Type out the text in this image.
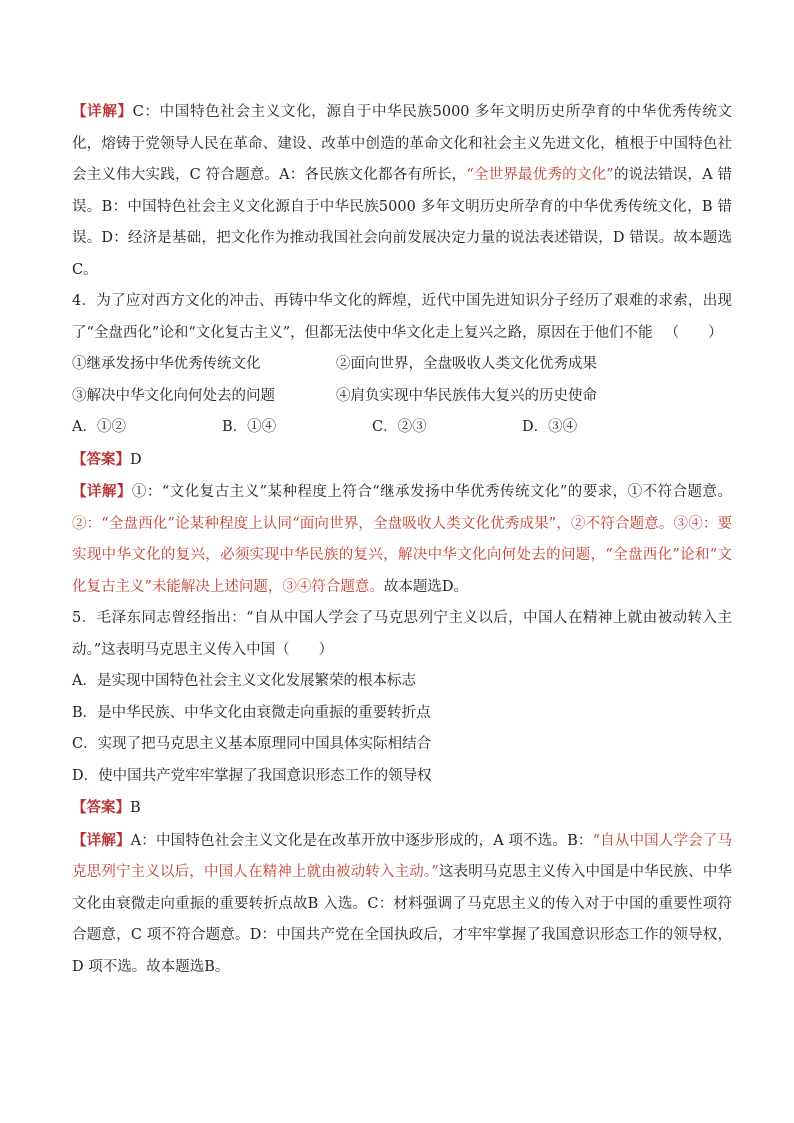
【详解】C：中国特色社会主义文化，源自于中华民族5000 多年文明历史所孕育的中华优秀传统文化，熔铸于党领导人民在革命、建设、改革中创造的革命文化和社会主义先进文化，植根于中国特色社会主义伟大实践，C 符合题意。A：各民族文化都各有所长，“全世界最优秀的文化”的说法错误，A 错误。B：中国特色社会主义文化源自于中华民族5000 多年文明历史所孕育的中华优秀传统文化，B 错误。D：经济是基础，把文化作为推动我国社会向前发展决定力量的说法表述错误，D 错误。故本题选C。

4．为了应对西方文化的冲击、再铸中华文化的辉煌，近代中国先进知识分子经历了艰难的求索，出现了“全盘西化”论和“文化复古主义”，但都无法使中华文化走上复兴之路，原因在于他们不能 （　　）

①继承发扬中华优秀传统文化	②面向世界，全盘吸收人类文化优秀成果
③解决中华文化向何处去的问题	④肩负实现中华民族伟大复兴的历史使命
A．①②	B．①④	C．②③	D．③④

【答案】D

【详解】①：“文化复古主义”某种程度上符合“继承发扬中华优秀传统文化”的要求，①不符合题意。②：“全盘西化”论某种程度上认同“面向世界，全盘吸收人类文化优秀成果”，②不符合题意。③④：要实现中华文化的复兴，必须实现中华民族的复兴，解决中华文化向何处去的问题，“全盘西化”论和“文化复古主义”未能解决上述问题，③④符合题意。故本题选D。

5．毛泽东同志曾经指出：“自从中国人学会了马克思列宁主义以后，中国人在精神上就由被动转入主动。”这表明马克思主义传入中国（　　）

A．是实现中国特色社会主义文化发展繁荣的根本标志

B．是中华民族、中华文化由衰微走向重振的重要转折点

C．实现了把马克思主义基本原理同中国具体实际相结合

D．使中国共产党牢牢掌握了我国意识形态工作的领导权

【答案】B

【详解】A：中国特色社会主义文化是在改革开放中逐步形成的，A 项不选。B：“自从中国人学会了马克思列宁主义以后，中国人在精神上就由被动转入主动。”这表明马克思主义传入中国是中华民族、中华文化由衰微走向重振的重要转折点故B 入选。C：材料强调了马克思主义的传入对于中国的重要性项符合题意，C 项不符合题意。D：中国共产党在全国执政后，才牢牢掌握了我国意识形态工作的领导权，D 项不选。故本题选B。
